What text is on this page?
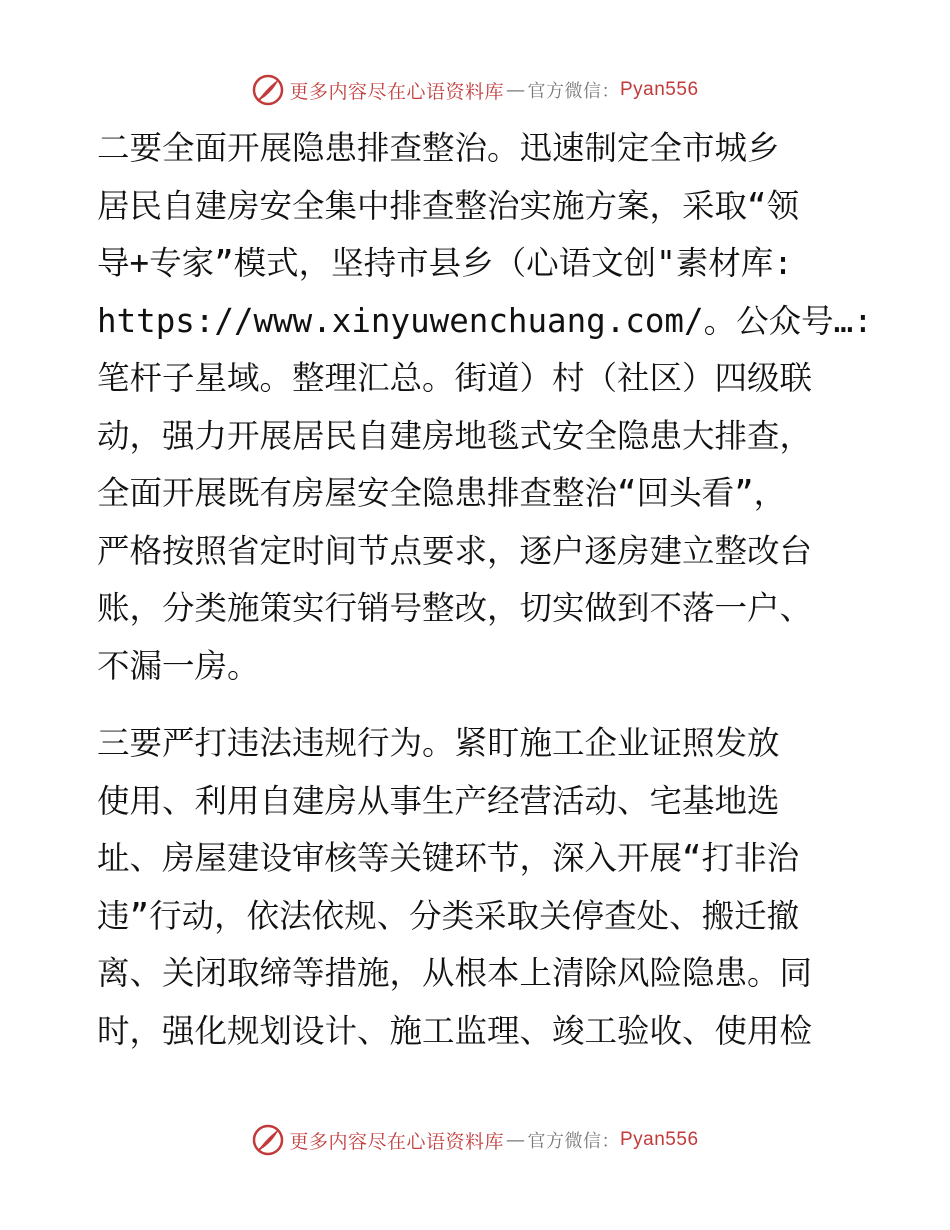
更多内容尽在心语资料库 — 官方微信： Pyan556
二要全面开展隐患排查整治。迅速制定全市城乡
居民自建房安全集中排查整治实施方案，采取“领
导+专家”模式，坚持市县乡（心语文创"素材库:
https://www.xinyuwenchuang.com/。公众号…:
笔杆子星域。整理汇总。街道）村（社区）四级联
动，强力开展居民自建房地毯式安全隐患大排查，
全面开展既有房屋安全隐患排查整治“回头看”，
严格按照省定时间节点要求，逐户逐房建立整改台
账，分类施策实行销号整改，切实做到不落一户、
不漏一房。
三要严打违法违规行为。紧盯施工企业证照发放
使用、利用自建房从事生产经营活动、宅基地选
址、房屋建设审核等关键环节，深入开展“打非治
违”行动，依法依规、分类采取关停查处、搬迁撤
离、关闭取缔等措施，从根本上清除风险隐患。同
时，强化规划设计、施工监理、竣工验收、使用检
更多内容尽在心语资料库 — 官方微信： Pyan556
